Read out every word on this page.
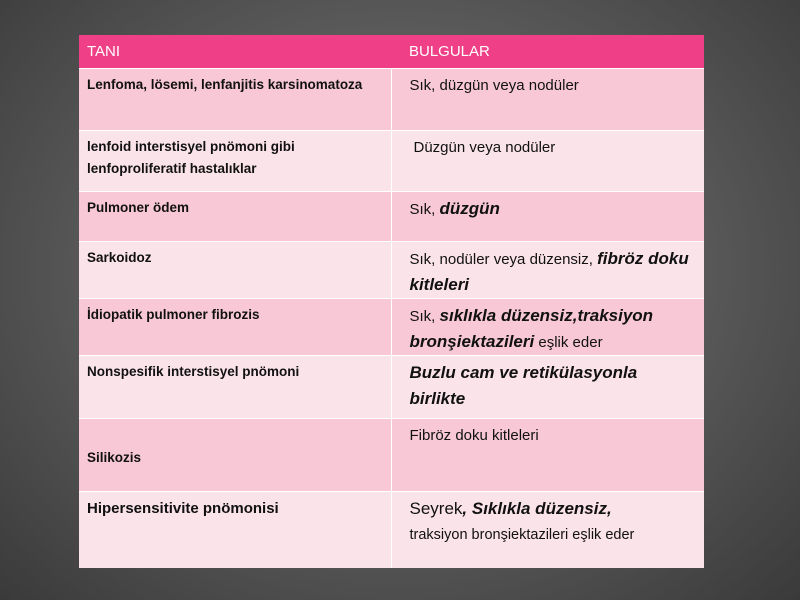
TANI	BULGULAR
Lenfoma, lösemi, lenfanjitis karsinomatoza	Sık, düzgün veya nodüler
lenfoid interstisyel pnömoni gibi lenfoproliferatif hastalıklar	Düzgün veya nodüler
Pulmoner ödem	Sık, düzgün
Sarkoidoz	Sık, nodüler veya düzensiz, fibröz doku kitleleri
İdiopatik pulmoner fibrozis	Sık, sıklıkla düzensiz,traksiyon bronşiektazileri eşlik eder
Nonspesifik interstisyel pnömoni	Buzlu cam ve retikülasyonla birlikte
Silikozis	Fibröz doku kitleleri
Hipersensitivite pnömonisi	Seyrek, Sıklıkla düzensiz,
traksiyon bronşiektazileri eşlik eder
